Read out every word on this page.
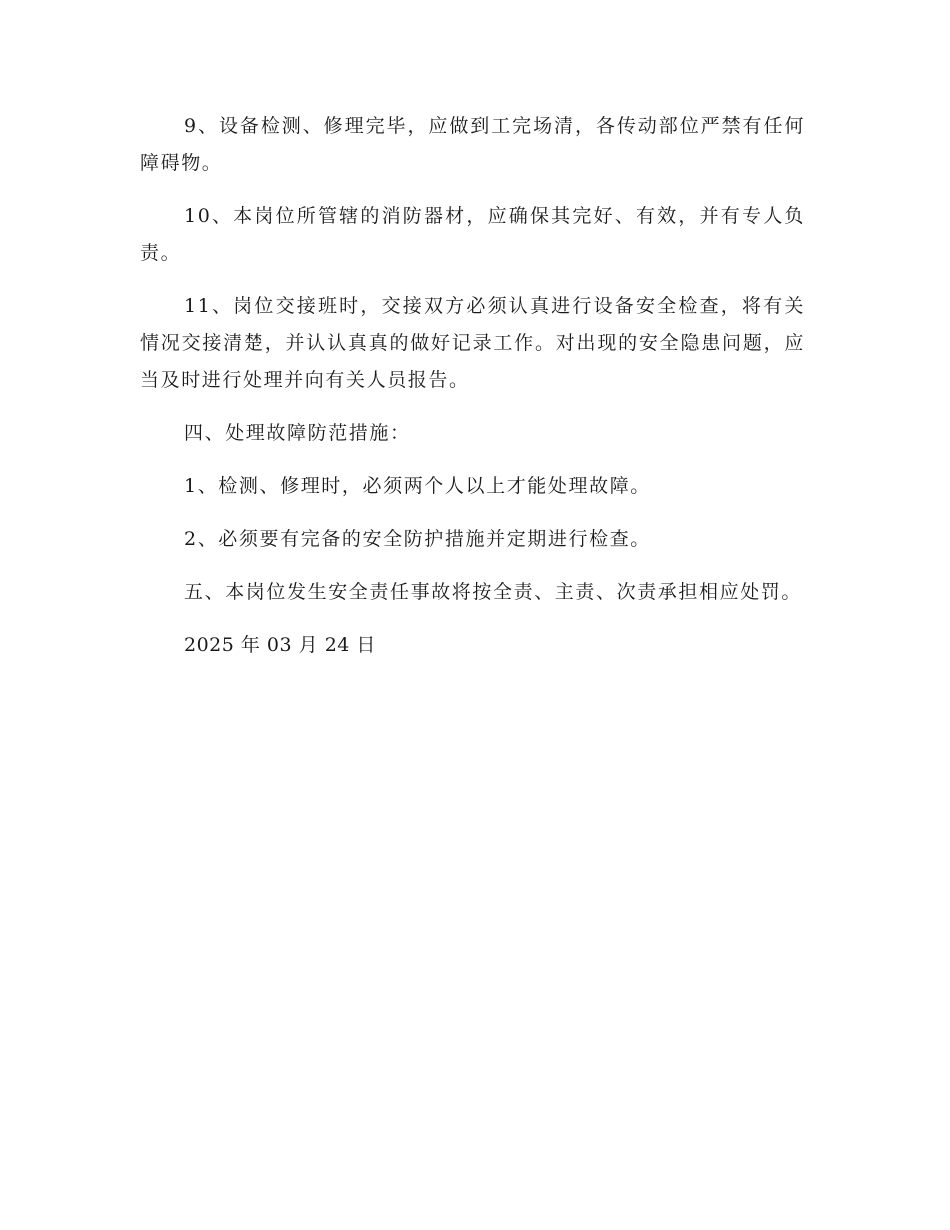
9、设备检测、修理完毕，应做到工完场清，各传动部位严禁有任何障碍物。

10、本岗位所管辖的消防器材，应确保其完好、有效，并有专人负责。

11、岗位交接班时，交接双方必须认真进行设备安全检查，将有关情况交接清楚，并认认真真的做好记录工作。对出现的安全隐患问题，应当及时进行处理并向有关人员报告。

四、处理故障防范措施：

1、检测、修理时，必须两个人以上才能处理故障。

2、必须要有完备的安全防护措施并定期进行检查。

五、本岗位发生安全责任事故将按全责、主责、次责承担相应处罚。

2025 年 03 月 24 日
